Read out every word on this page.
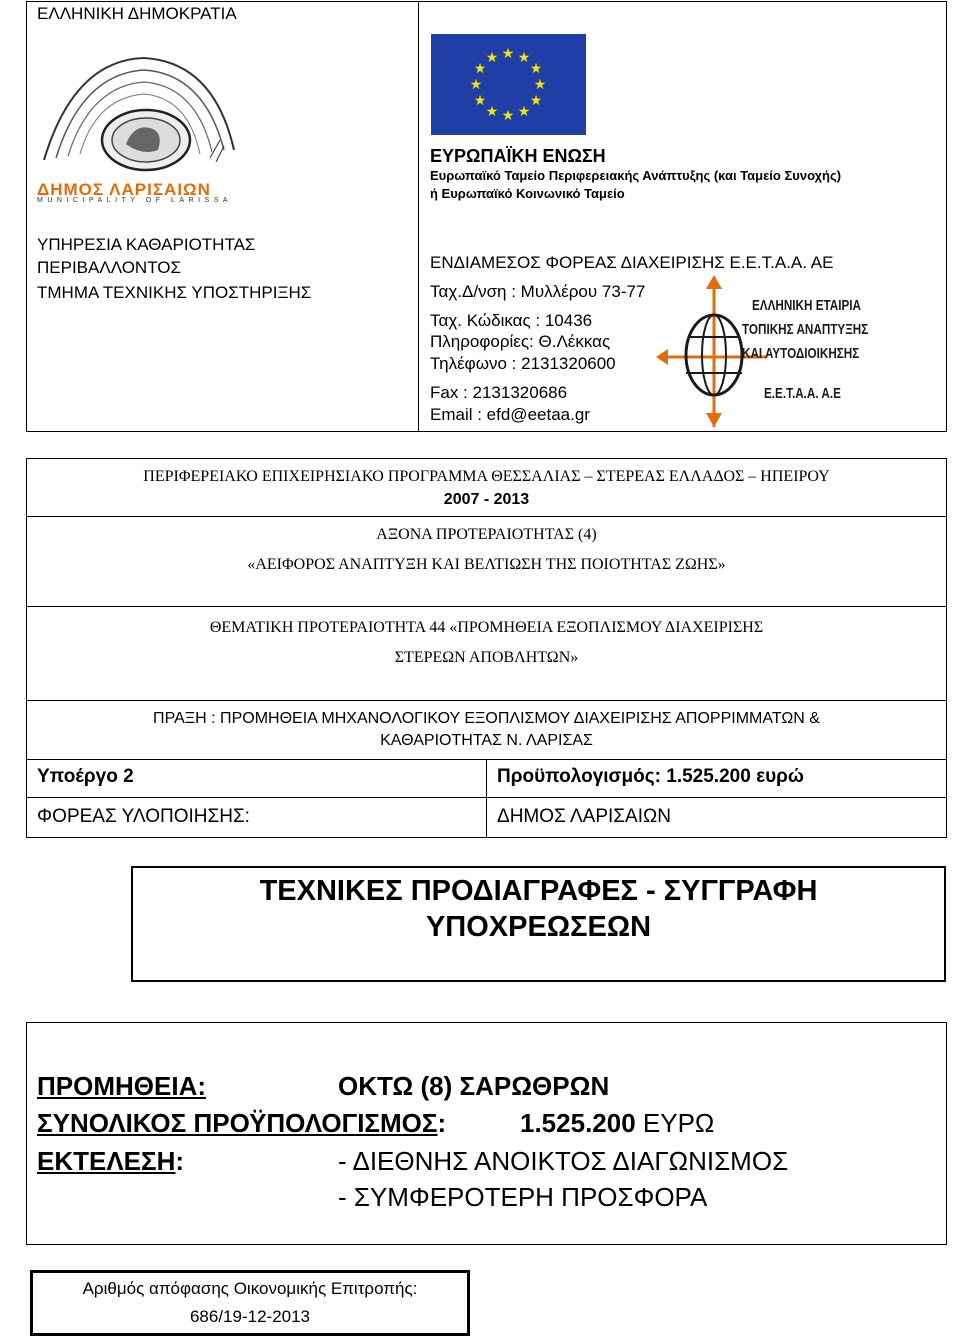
ΕΛΛΗΝΙΚΗ ΔΗΜΟΚΡΑΤΙΑ
ΔΗΜΟΣ ΛΑΡΙΣΑΙΩΝ
MUNICIPALITY OF LARISSA
ΥΠΗΡΕΣΙΑ ΚΑΘΑΡΙΟΤΗΤΑΣ
ΠΕΡΙΒΑΛΛΟΝΤΟΣ
ΤΜΗΜΑ ΤΕΧΝΙΚΗΣ ΥΠΟΣΤΗΡΙΞΗΣ
★ ★
★
★
★
★
★
★
★
★
★
★
ΕΥΡΩΠΑΪΚΗ ΕΝΩΣΗ
Ευρωπαϊκό Ταμείο Περιφερειακής Ανάπτυξης (και Ταμείο Συνοχής)
ή Ευρωπαϊκό Κοινωνικό Ταμείο
ΕΝΔΙΑΜΕΣΟΣ ΦΟΡΕΑΣ ΔΙΑΧΕΙΡΙΣΗΣ Ε.Ε.Τ.Α.Α. ΑΕ
Ταχ.Δ/νση : Μυλλέρου 73-77
Ταχ. Κώδικας : 10436
Πληροφορίες: Θ.Λέκκας
Τηλέφωνο : 2131320600
Fax : 2131320686
Email : efd@eetaa.gr
ΕΛΛΗΝΙΚΗ ΕΤΑΙΡΙΑ
ΤΟΠΙΚΗΣ ΑΝΑΠΤΥΞΗΣ
ΚΑΙ ΑΥΤΟΔΙΟΙΚΗΣΗΣ
Ε.Ε.Τ.Α.Α. Α.Ε
ΠΕΡΙΦΕΡΕΙΑΚΟ ΕΠΙΧΕΙΡΗΣΙΑΚΟ ΠΡΟΓΡΑΜΜΑ ΘΕΣΣΑΛΙΑΣ – ΣΤΕΡΕΑΣ ΕΛΛΑΔΟΣ – ΗΠΕΙΡΟΥ
2007 - 2013
ΑΞΟΝΑ ΠΡΟΤΕΡΑΙΟΤΗΤΑΣ (4)
«ΑΕΙΦΟΡΟΣ ΑΝΑΠΤΥΞΗ ΚΑΙ ΒΕΛΤΙΩΣΗ ΤΗΣ ΠΟΙΟΤΗΤΑΣ ΖΩΗΣ»
ΘΕΜΑΤΙΚΗ ΠΡΟΤΕΡΑΙΟΤΗΤΑ 44 «ΠΡΟΜΗΘΕΙΑ ΕΞΟΠΛΙΣΜΟΥ ΔΙΑΧΕΙΡΙΣΗΣ
ΣΤΕΡΕΩΝ ΑΠΟΒΛΗΤΩΝ»
ΠΡΑΞΗ : ΠΡΟΜΗΘΕΙΑ ΜΗΧΑΝΟΛΟΓΙΚΟΥ ΕΞΟΠΛΙΣΜΟΥ ΔΙΑΧΕΙΡΙΣΗΣ ΑΠΟΡΡΙΜΜΑΤΩΝ &
ΚΑΘΑΡΙΟΤΗΤΑΣ Ν. ΛΑΡΙΣΑΣ
Υποέργο 2	Προϋπολογισμός: 1.525.200 ευρώ
ΦΟΡΕΑΣ ΥΛΟΠΟΙΗΣΗΣ:	ΔΗΜΟΣ ΛΑΡΙΣΑΙΩΝ
ΤΕΧΝΙΚΕΣ ΠΡΟΔΙΑΓΡΑΦΕΣ - ΣΥΓΓΡΑΦΗ
ΥΠΟΧΡΕΩΣΕΩΝ
ΠΡΟΜΗΘΕΙΑ:	ΟΚΤΩ (8) ΣΑΡΩΘΡΩΝ
ΣΥΝΟΛΙΚΟΣ ΠΡΟΫΠΟΛΟΓΙΣΜΟΣ:	1.525.200 ΕΥΡΩ
ΕΚΤΕΛΕΣΗ:	- ΔΙΕΘΝΗΣ ΑΝΟΙΚΤΟΣ ΔΙΑΓΩΝΙΣΜΟΣ
- ΣΥΜΦΕΡΟΤΕΡΗ ΠΡΟΣΦΟΡΑ
Αριθμός απόφασης Οικονομικής Επιτροπής:
686/19-12-2013
